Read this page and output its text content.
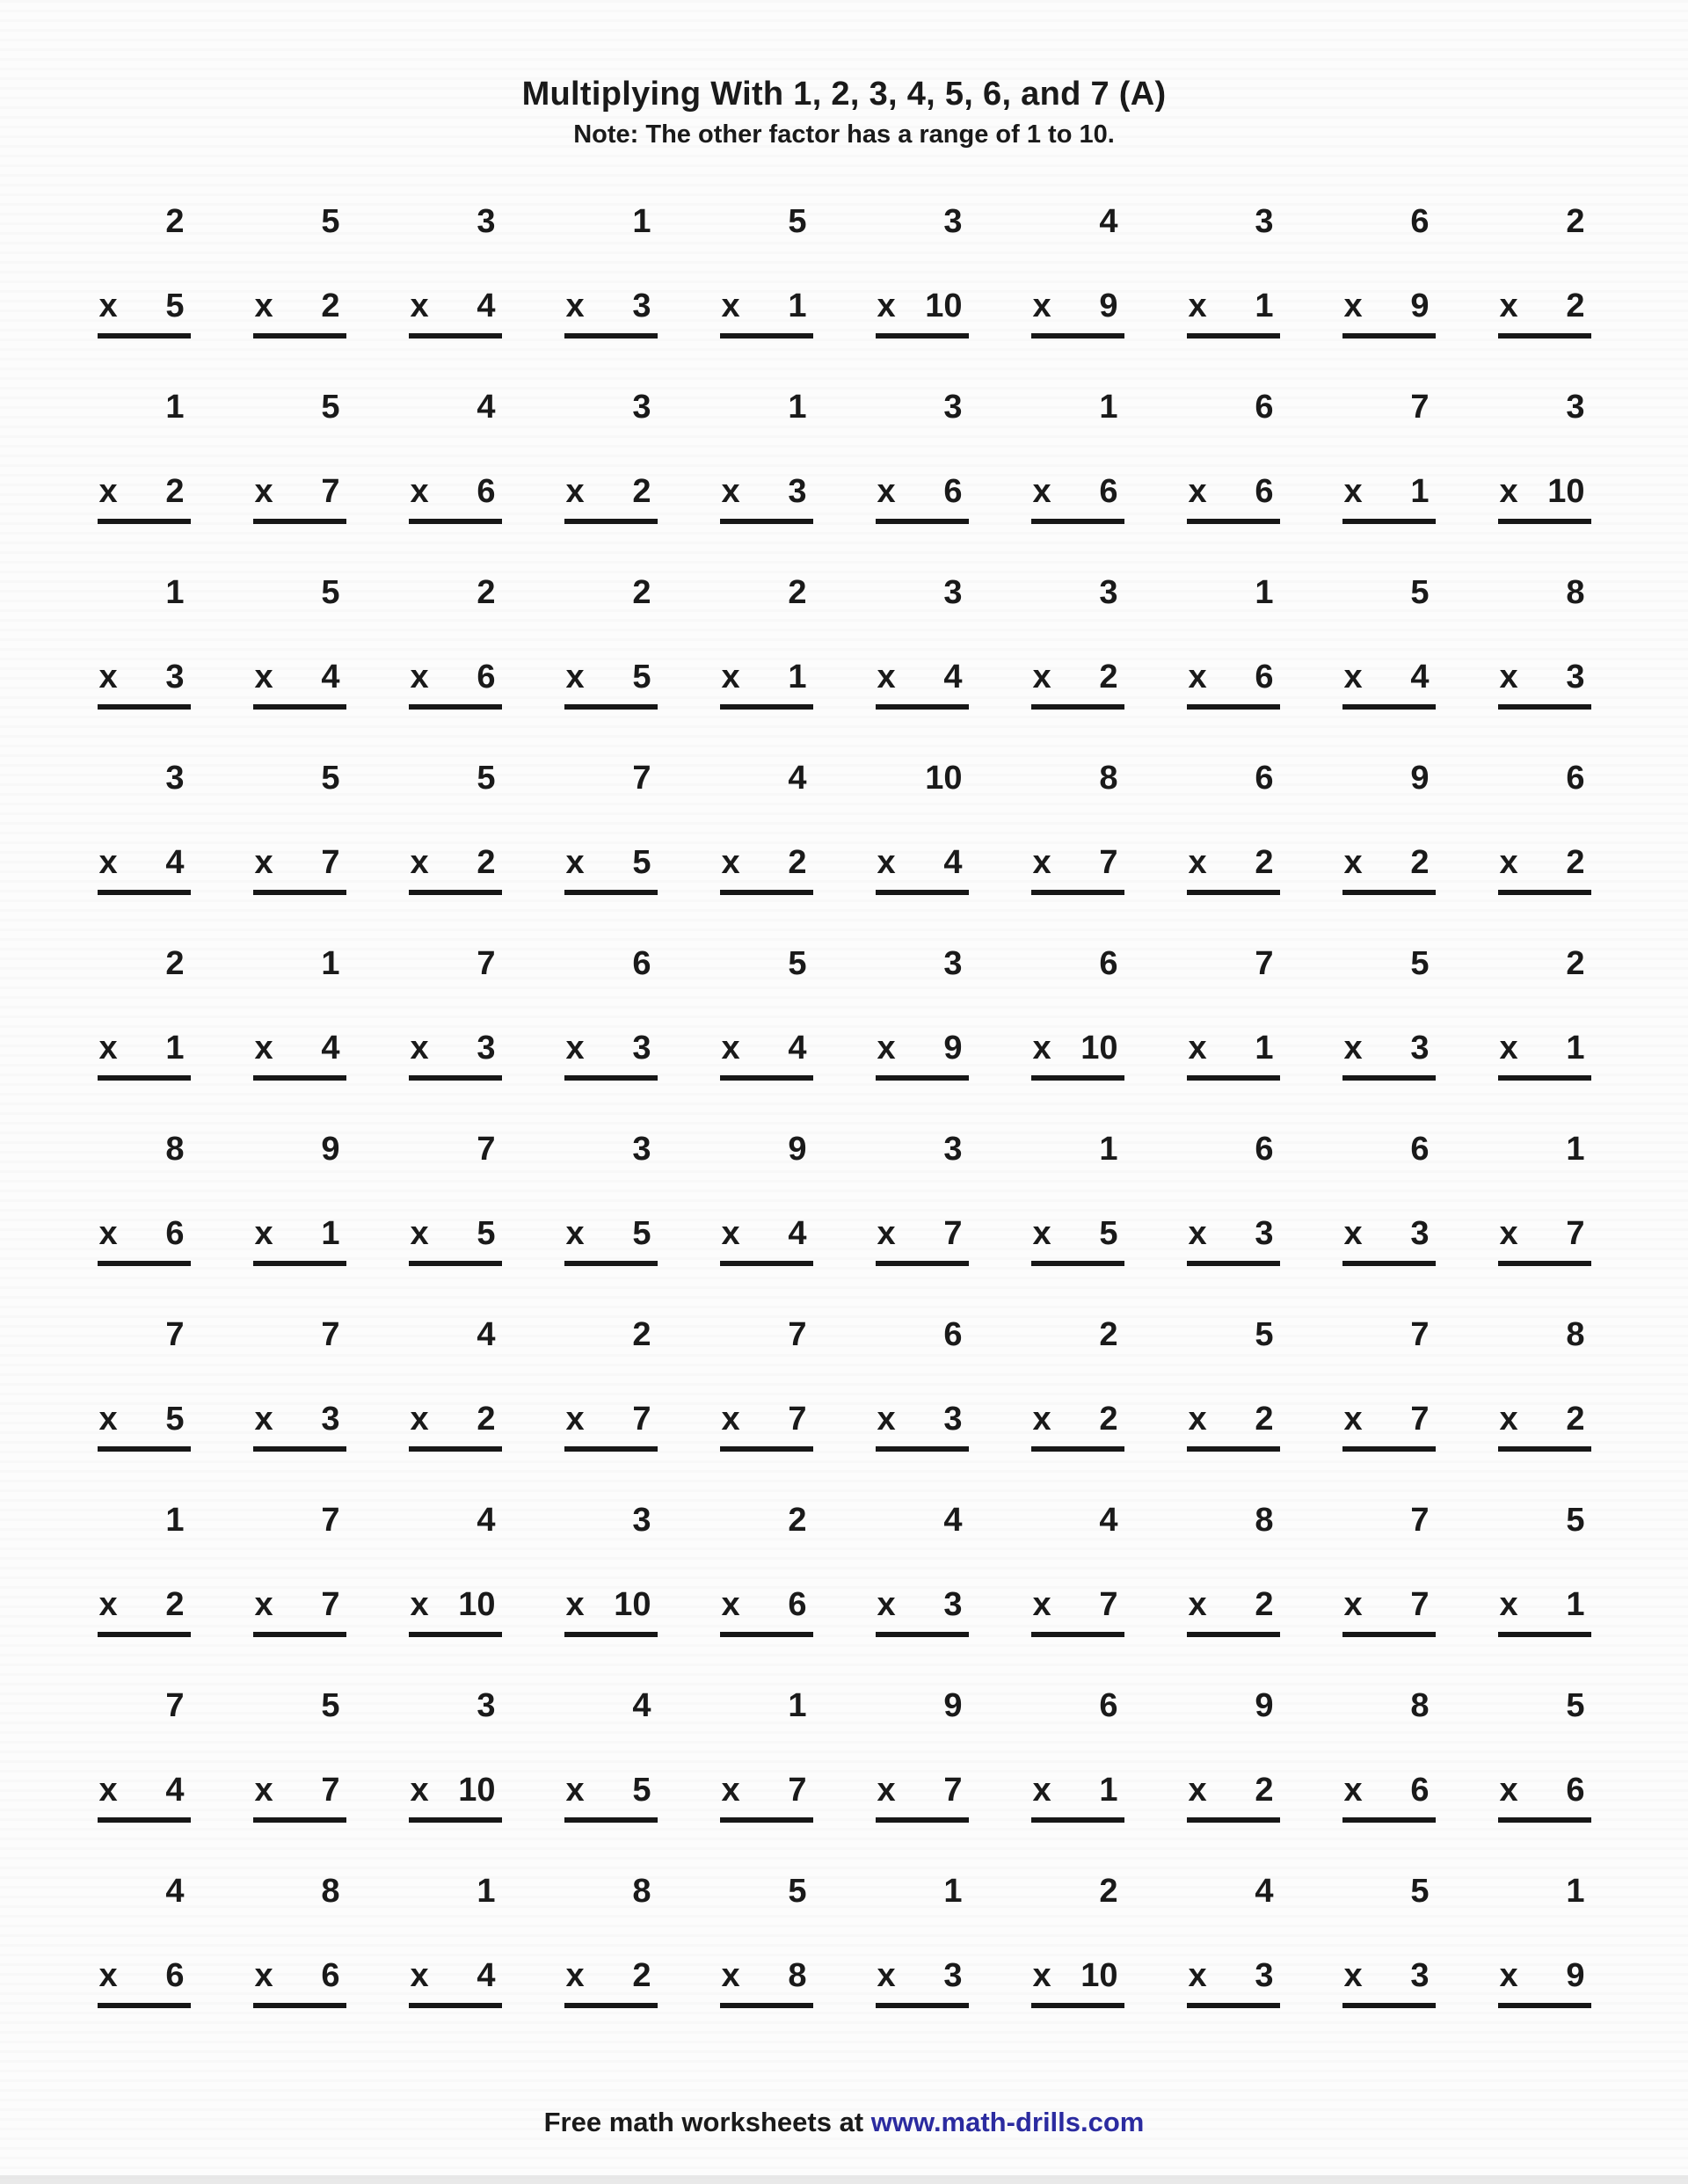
Multiplying With 1, 2, 3, 4, 5, 6, and 7 (A)
Note: The other factor has a range of 1 to 10.
2
x 5
5
x 2
3
x 4
1
x 3
5
x 1
3
x 10
4
x 9
3
x 1
6
x 9
2
x 2
1
x 2
5
x 7
4
x 6
3
x 2
1
x 3
3
x 6
1
x 6
6
x 6
7
x 1
3
x 10
1
x 3
5
x 4
2
x 6
2
x 5
2
x 1
3
x 4
3
x 2
1
x 6
5
x 4
8
x 3
3
x 4
5
x 7
5
x 2
7
x 5
4
x 2
10
x 4
8
x 7
6
x 2
9
x 2
6
x 2
2
x 1
1
x 4
7
x 3
6
x 3
5
x 4
3
x 9
6
x 10
7
x 1
5
x 3
2
x 1
8
x 6
9
x 1
7
x 5
3
x 5
9
x 4
3
x 7
1
x 5
6
x 3
6
x 3
1
x 7
7
x 5
7
x 3
4
x 2
2
x 7
7
x 7
6
x 3
2
x 2
5
x 2
7
x 7
8
x 2
1
x 2
7
x 7
4
x 10
3
x 10
2
x 6
4
x 3
4
x 7
8
x 2
7
x 7
5
x 1
7
x 4
5
x 7
3
x 10
4
x 5
1
x 7
9
x 7
6
x 1
9
x 2
8
x 6
5
x 6
4
x 6
8
x 6
1
x 4
8
x 2
5
x 8
1
x 3
2
x 10
4
x 3
5
x 3
1
x 9
Free math worksheets at www.math-drills.com
